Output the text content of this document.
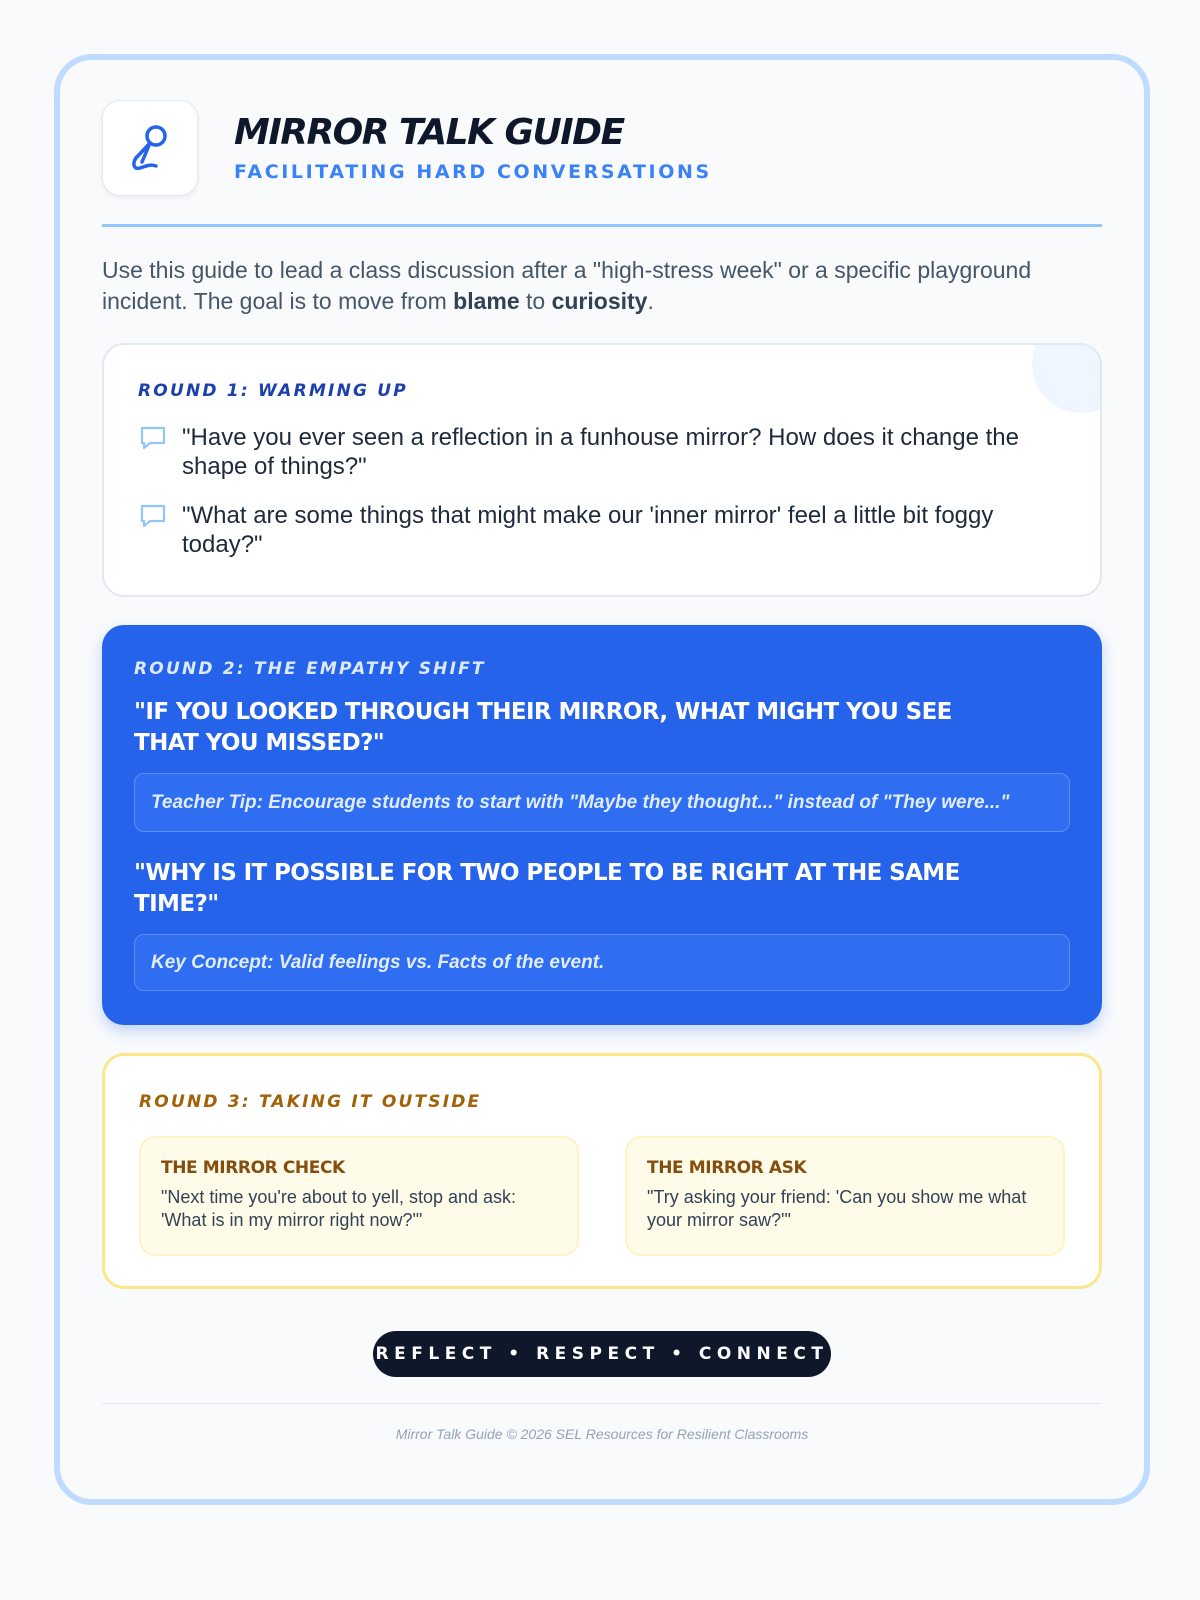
MIRROR TALK GUIDE
FACILITATING HARD CONVERSATIONS

Use this guide to lead a class discussion after a "high-stress week" or a specific playground incident. The goal is to move from blame to curiosity.

ROUND 1: WARMING UP
"Have you ever seen a reflection in a funhouse mirror? How does it change the shape of things?"
"What are some things that might make our 'inner mirror' feel a little bit foggy today?"
ROUND 2: THE EMPATHY SHIFT
"IF YOU LOOKED THROUGH THEIR MIRROR, WHAT MIGHT YOU SEE THAT YOU MISSED?"
Teacher Tip: Encourage students to start with "Maybe they thought..." instead of "They were..."
"WHY IS IT POSSIBLE FOR TWO PEOPLE TO BE RIGHT AT THE SAME TIME?"
Key Concept: Valid feelings vs. Facts of the event.
ROUND 3: TAKING IT OUTSIDE
THE MIRROR CHECK
"Next time you're about to yell, stop and ask: 'What is in my mirror right now?'"
THE MIRROR ASK
"Try asking your friend: 'Can you show me what your mirror saw?'"
REFLECT • RESPECT • CONNECT
Mirror Talk Guide © 2026 SEL Resources for Resilient Classrooms
